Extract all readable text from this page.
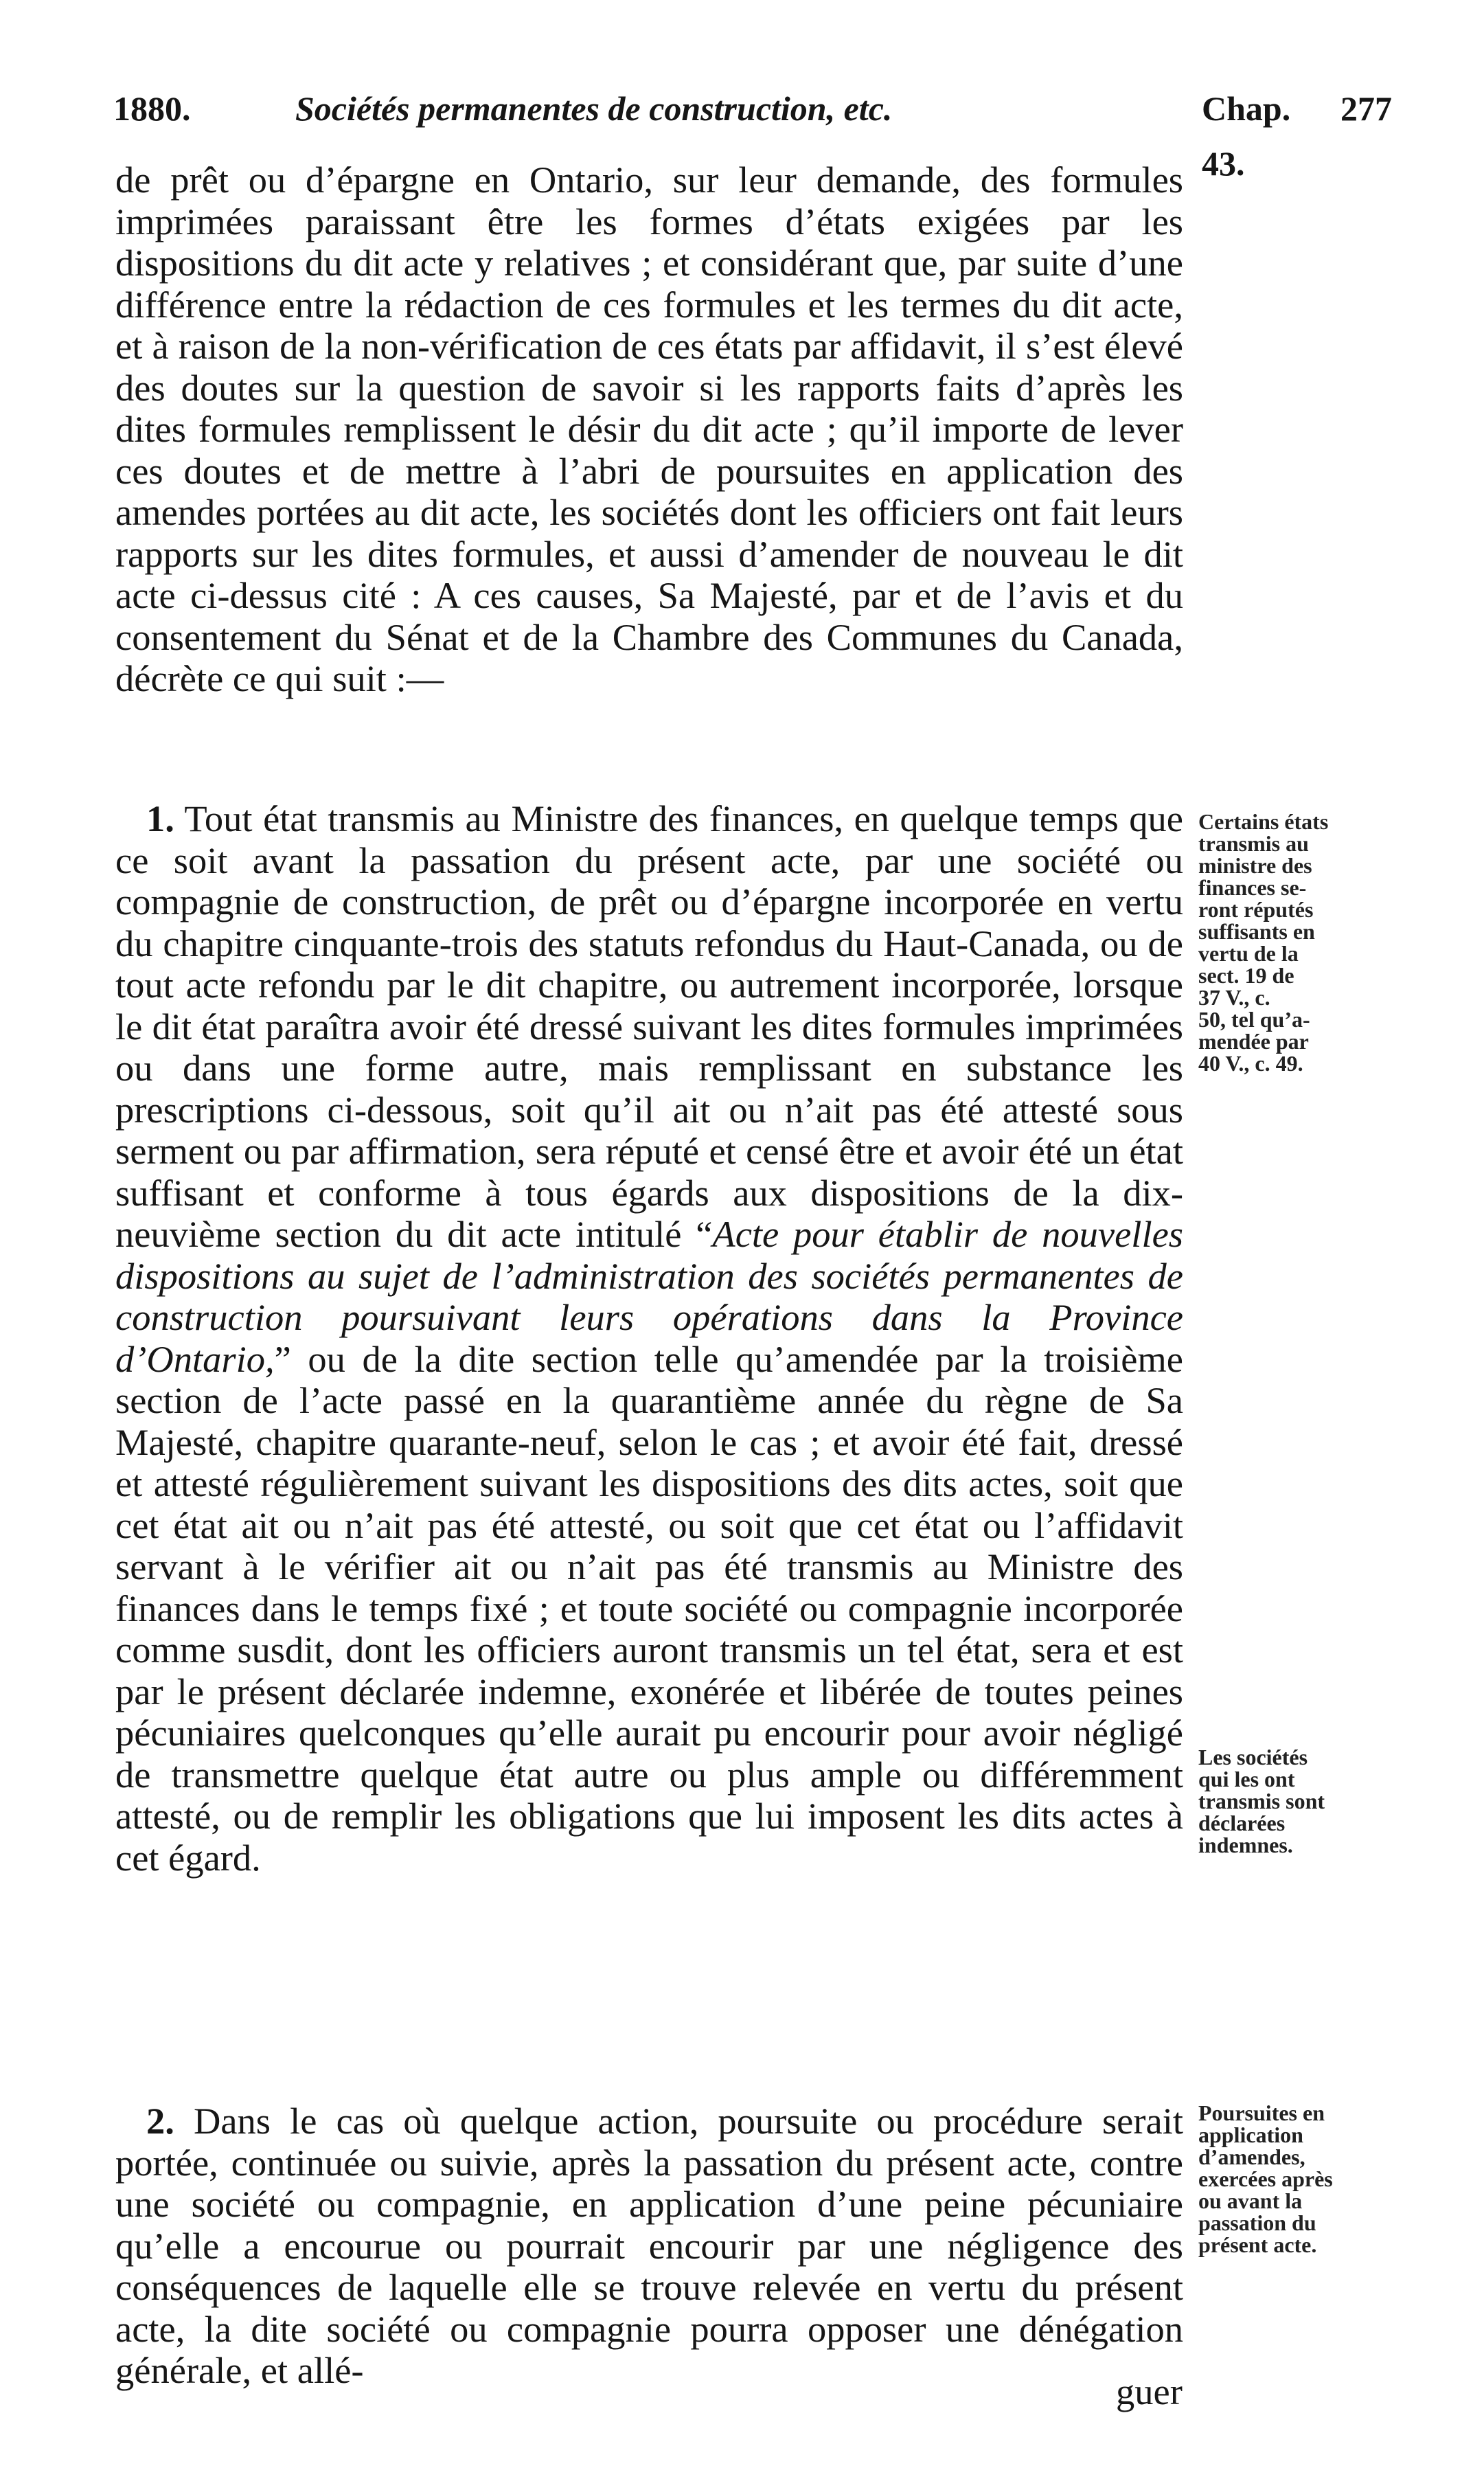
1880.	Sociétés permanentes de construction, etc.	Chap. 43.
277

de prêt ou d’épargne en Ontario, sur leur demande, des formules imprimées paraissant être les formes d’états exigées par les dispositions du dit acte y relatives ; et considérant que, par suite d’une différence entre la rédaction de ces formules et les termes du dit acte, et à raison de la non-vérification de ces états par affidavit, il s’est élevé des doutes sur la question de savoir si les rapports faits d’après les dites formules remplissent le désir du dit acte ; qu’il importe de lever ces doutes et de mettre à l’abri de poursuites en application des amendes portées au dit acte, les sociétés dont les officiers ont fait leurs rapports sur les dites formules, et aussi d’amender de nouveau le dit acte ci-dessus cité : A ces causes, Sa Majesté, par et de l’avis et du consentement du Sénat et de la Chambre des Communes du Canada, décrète ce qui suit :—

1. Tout état transmis au Ministre des finances, en quelque temps que ce soit avant la passation du présent acte, par une société ou compagnie de construction, de prêt ou d’épargne incorporée en vertu du chapitre cinquante-trois des statuts refondus du Haut-Canada, ou de tout acte refondu par le dit chapitre, ou autrement incorporée, lorsque le dit état paraîtra avoir été dressé suivant les dites formules imprimées ou dans une forme autre, mais remplissant en substance les prescriptions ci-dessous, soit qu’il ait ou n’ait pas été attesté sous serment ou par affirmation, sera réputé et censé être et avoir été un état suffisant et conforme à tous égards aux dispositions de la dix-neuvième section du dit acte intitulé “Acte pour établir de nouvelles dispositions au sujet de l’administration des sociétés permanentes de construction poursuivant leurs opérations dans la Province d’Ontario,” ou de la dite section telle qu’amendée par la troisième section de l’acte passé en la quarantième année du règne de Sa Majesté, chapitre quarante-neuf, selon le cas ; et avoir été fait, dressé et attesté régulièrement suivant les dispositions des dits actes, soit que cet état ait ou n’ait pas été attesté, ou soit que cet état ou l’affidavit servant à le vérifier ait ou n’ait pas été transmis au Ministre des finances dans le temps fixé ; et toute société ou compagnie incorporée comme susdit, dont les officiers auront transmis un tel état, sera et est par le présent déclarée indemne, exonérée et libérée de toutes peines pécuniaires quelconques qu’elle aurait pu encourir pour avoir négligé de transmettre quelque état autre ou plus ample ou différemment attesté, ou de remplir les obligations que lui imposent les dits actes à cet égard.

2. Dans le cas où quelque action, poursuite ou procédure serait portée, continuée ou suivie, après la passation du présent acte, contre une société ou compagnie, en application d’une peine pécuniaire qu’elle a encourue ou pourrait encourir par une négligence des conséquences de laquelle elle se trouve relevée en vertu du présent acte, la dite société ou compagnie pourra opposer une dénégation générale, et allé-

guer
Certains états
transmis au
ministre des
finances se-
ront réputés
suffisants en
vertu de la
sect. 19 de
37 V., c.
50, tel qu’a-
mendée par
40 V., c. 49.
Les sociétés
qui les ont
transmis sont
déclarées
indemnes.
Poursuites en
application
d’amendes,
exercées après
ou avant la
passation du
présent acte.
